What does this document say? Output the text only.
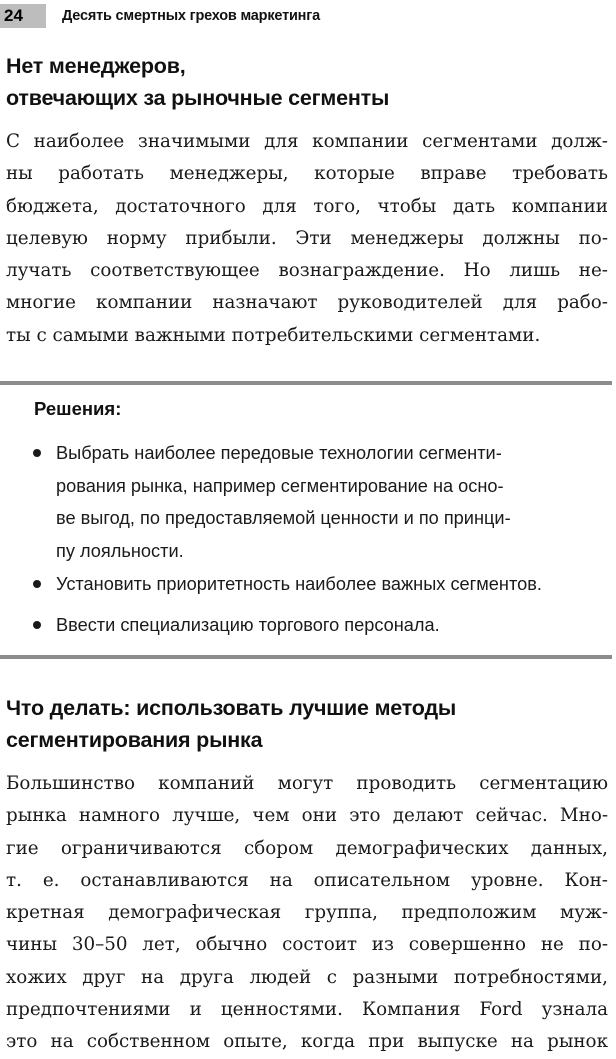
24	Десять смертных грехов маркетинга
Нет менеджеров,
отвечающих за рыночные сегменты
С наиболее значимыми для компании сегментами долж-
ны работать менеджеры, которые вправе требовать
бюджета, достаточного для того, чтобы дать компании
целевую норму прибыли. Эти менеджеры должны по-
лучать соответствующее вознаграждение. Но лишь не-
многие компании назначают руководителей для рабо-
ты с самыми важными потребительскими сегментами.
Решения:
Выбрать наиболее передовые технологии сегменти-
рования рынка, например сегментирование на осно-
ве выгод, по предоставляемой ценности и по принци-
пу лояльности.
Установить приоритетность наиболее важных сегментов.
Ввести специализацию торгового персонала.
Что делать: использовать лучшие методы
сегментирования рынка
Большинство компаний могут проводить сегментацию
рынка намного лучше, чем они это делают сейчас. Мно-
гие ограничиваются сбором демографических данных,
т. е. останавливаются на описательном уровне. Кон-
кретная демографическая группа, предположим муж-
чины 30–50 лет, обычно состоит из совершенно не по-
хожих друг на друга людей с разными потребностями,
предпочтениями и ценностями. Компания Ford узнала
это на собственном опыте, когда при выпуске на рынок
